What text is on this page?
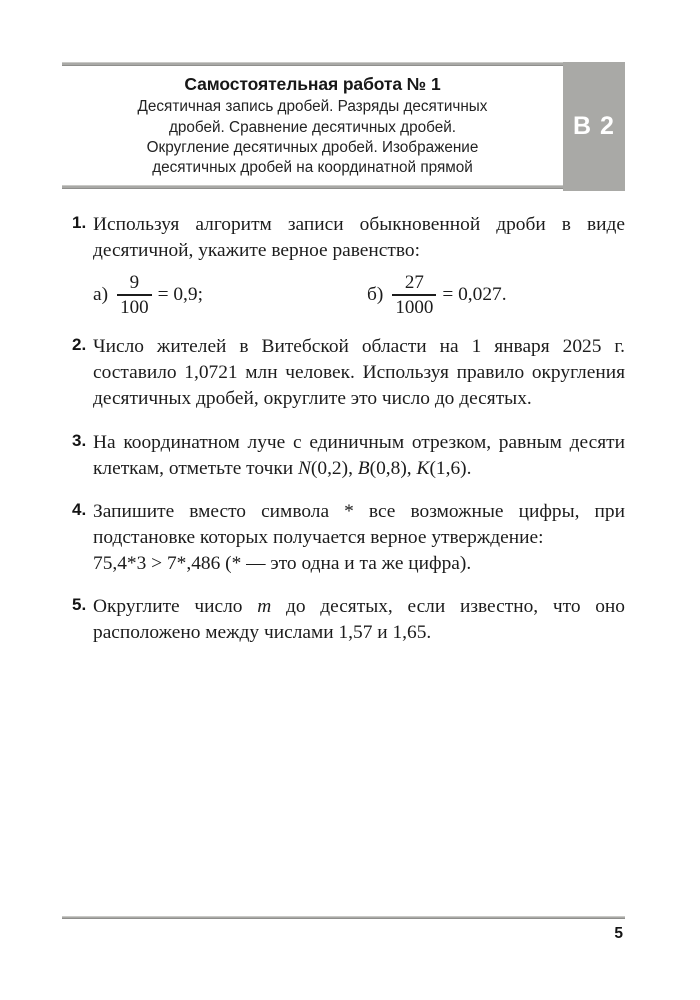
Самостоятельная работа № 1
Десятичная запись дробей. Разряды десятичных
дробей. Сравнение десятичных дробей.
Округление десятичных дробей. Изображение
десятичных дробей на координатной прямой
В 2
1. Используя алгоритм записи обыкновенной дроби в виде десятичной, укажите верное равенство:

$а) \frac{9}{100} = 0,9$;	$б) \frac{27}{1000} = 0,027$.
2. Число жителей в Витебской области на 1 января 2025 г. составило 1,0721 млн человек. Используя правило округления десятичных дробей, округлите это число до десятых.

3. На координатном луче с единичным отрезком, равным десяти клеткам, отметьте точки N(0,2), B(0,8), K(1,6).

4. Запишите вместо символа * все возможные цифры, при подстановке которых получается верное утверждение:

75,4*3 > 7*,486 (* — это одна и та же цифра).

5. Округлите число m до десятых, если известно, что оно расположено между числами 1,57 и 1,65.

5
